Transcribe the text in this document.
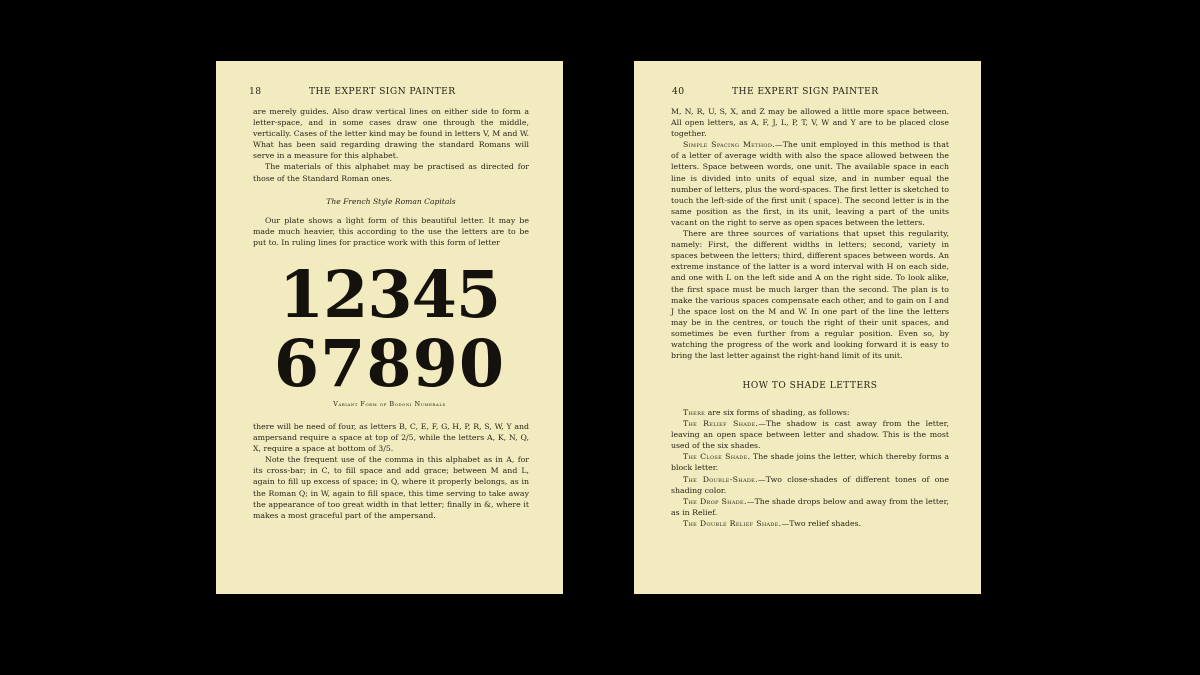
18	THE EXPERT SIGN PAINTER

are merely guides. Also draw vertical lines on either side to form a letter-space, and in some cases draw one through the middle, vertically. Cases of the letter kind may be found in letters V, M and W. What has been said regarding drawing the standard Romans will serve in a measure for this alphabet.

The materials of this alphabet may be practised as directed for those of the Standard Roman ones.

The French Style Roman Capitals

Our plate shows a light form of this beautiful letter. It may be made much heavier, this according to the use the letters are to be put to. In ruling lines for practice work with this form of letter

12345
67890
Variant Form of Bodoni Numerals

there will be need of four, as letters B, C, E, F, G, H, P, R, S, W, Y and ampersand require a space at top of 2/5, while the letters A, K, N, Q, X, require a space at bottom of 3/5.

Note the frequent use of the comma in this alphabet as in A, for its cross-bar; in C, to fill space and add grace; between M and L, again to fill up excess of space; in Q, where it properly belongs, as in the Roman Q; in W, again to fill space, this time serving to take away the appearance of too great width in that letter; finally in &, where it makes a most graceful part of the ampersand.

40	THE EXPERT SIGN PAINTER

M, N, R, U, S, X, and Z may be allowed a little more space between. All open letters, as A, F, J, L, P, T, V, W and Y are to be placed close together.

Simple Spacing Method.—The unit employed in this method is that of a letter of average width with also the space allowed between the letters. Space between words, one unit. The available space in each line is divided into units of equal size, and in number equal the number of letters, plus the word-spaces. The first letter is sketched to touch the left-side of the first unit ( space). The second letter is in the same position as the first, in its unit, leaving a part of the units vacant on the right to serve as open spaces between the letters.

There are three sources of variations that upset this regularity, namely: First, the different widths in letters; second, variety in spaces between the letters; third, different spaces between words. An extreme instance of the latter is a word interval with H on each side, and one with L on the left side and A on the right side. To look alike, the first space must be much larger than the second. The plan is to make the various spaces compensate each other, and to gain on I and J the space lost on the M and W. In one part of the line the letters may be in the centres, or touch the right of their unit spaces, and sometimes be even further from a regular position. Even so, by watching the progress of the work and looking forward it is easy to bring the last letter against the right-hand limit of its unit.

HOW TO SHADE LETTERS

There are six forms of shading, as follows:

The Relief Shade.—The shadow is cast away from the letter, leaving an open space between letter and shadow. This is the most used of the six shades.

The Close Shade. The shade joins the letter, which thereby forms a block letter.

The Double-Shade.—Two close-shades of different tones of one shading color.

The Drop Shade.—The shade drops below and away from the letter, as in Relief.

The Double Relief Shade.—Two relief shades.
